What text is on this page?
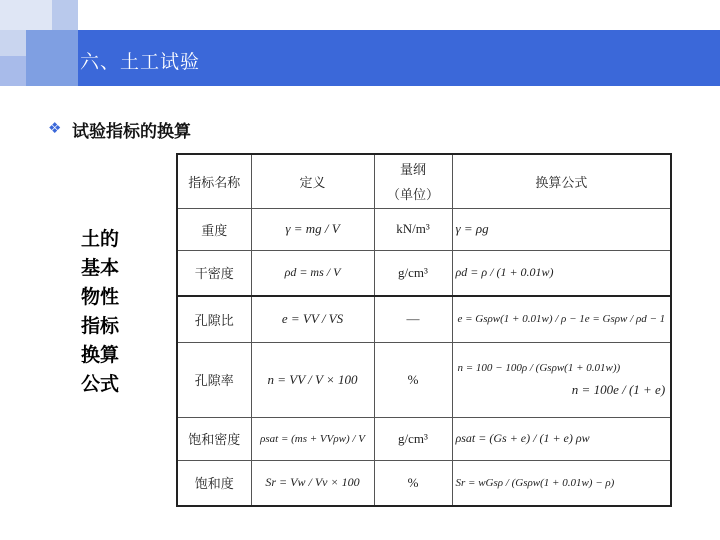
六、土工试验
❖ 试验指标的换算
土的
基本
物性
指标
换算
公式
指标名称	定义	量纲
（单位）	换算公式
重度	γ = mg / V	kN/m³	γ = ρg
干密度	ρd = ms / V	g/cm³	ρd = ρ / (1 + 0.01w)
孔隙比	e = VV / VS	—	e = Gsρw(1 + 0.01w) / ρ − 1 e = Gsρw / ρd − 1

孔隙率	n = VV / V × 100	%	n = 100 − 100ρ / (Gsρw(1 + 0.01w))
n = 100e / (1 + e)

饱和密度	ρsat = (ms + VVρw) / V	g/cm³	ρsat = (Gs + e) / (1 + e) ρw
饱和度	Sr = Vw / Vv × 100	%	Sr = wGsρ / (Gsρw(1 + 0.01w) − ρ)
